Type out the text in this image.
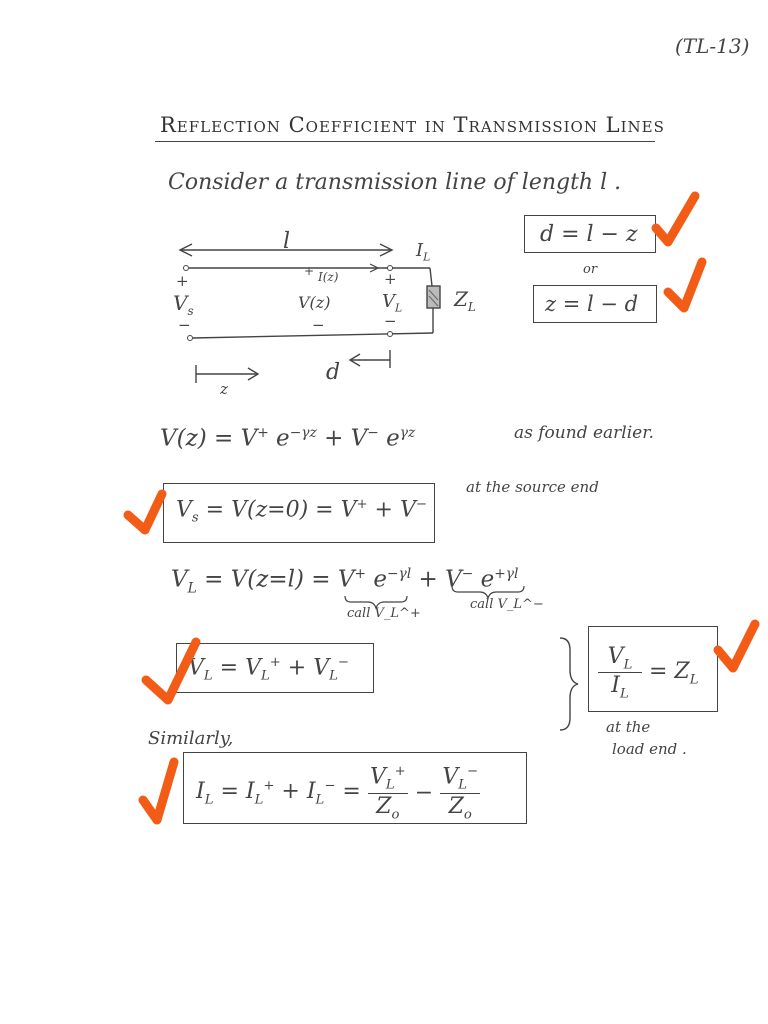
(TL-13)
Reflection Coefficient in Transmission Lines
Consider a transmission line of length l .
d = l − z
or
z = l − d
l	$I_L$
I(z)
+
+	+
$V_s$	V(z)	$V_L$	$Z_L$
−	−	−
z
d
V(z) = V+ $e^{-\gamma z} + V^-$ $e^{\gamma z}$	as found earlier.
$V_s = V(z=0) = V^+ + V^-$
at the source end
$V_L = V(z=l) = V^+$ $e^{-\gamma l} + V^-$ $e^{+\gamma l}$
call V_L^+
call V_L^−
$V_L = V_L^+ + V_L^-$	$\frac{V_L}{I_L} = Z_L$
at the
load end .
Similarly,
$I_L = I_L^+ + I_L^- = \frac{V_L^+}{Z_o} - \frac{V_L^-}{Z_o}$
